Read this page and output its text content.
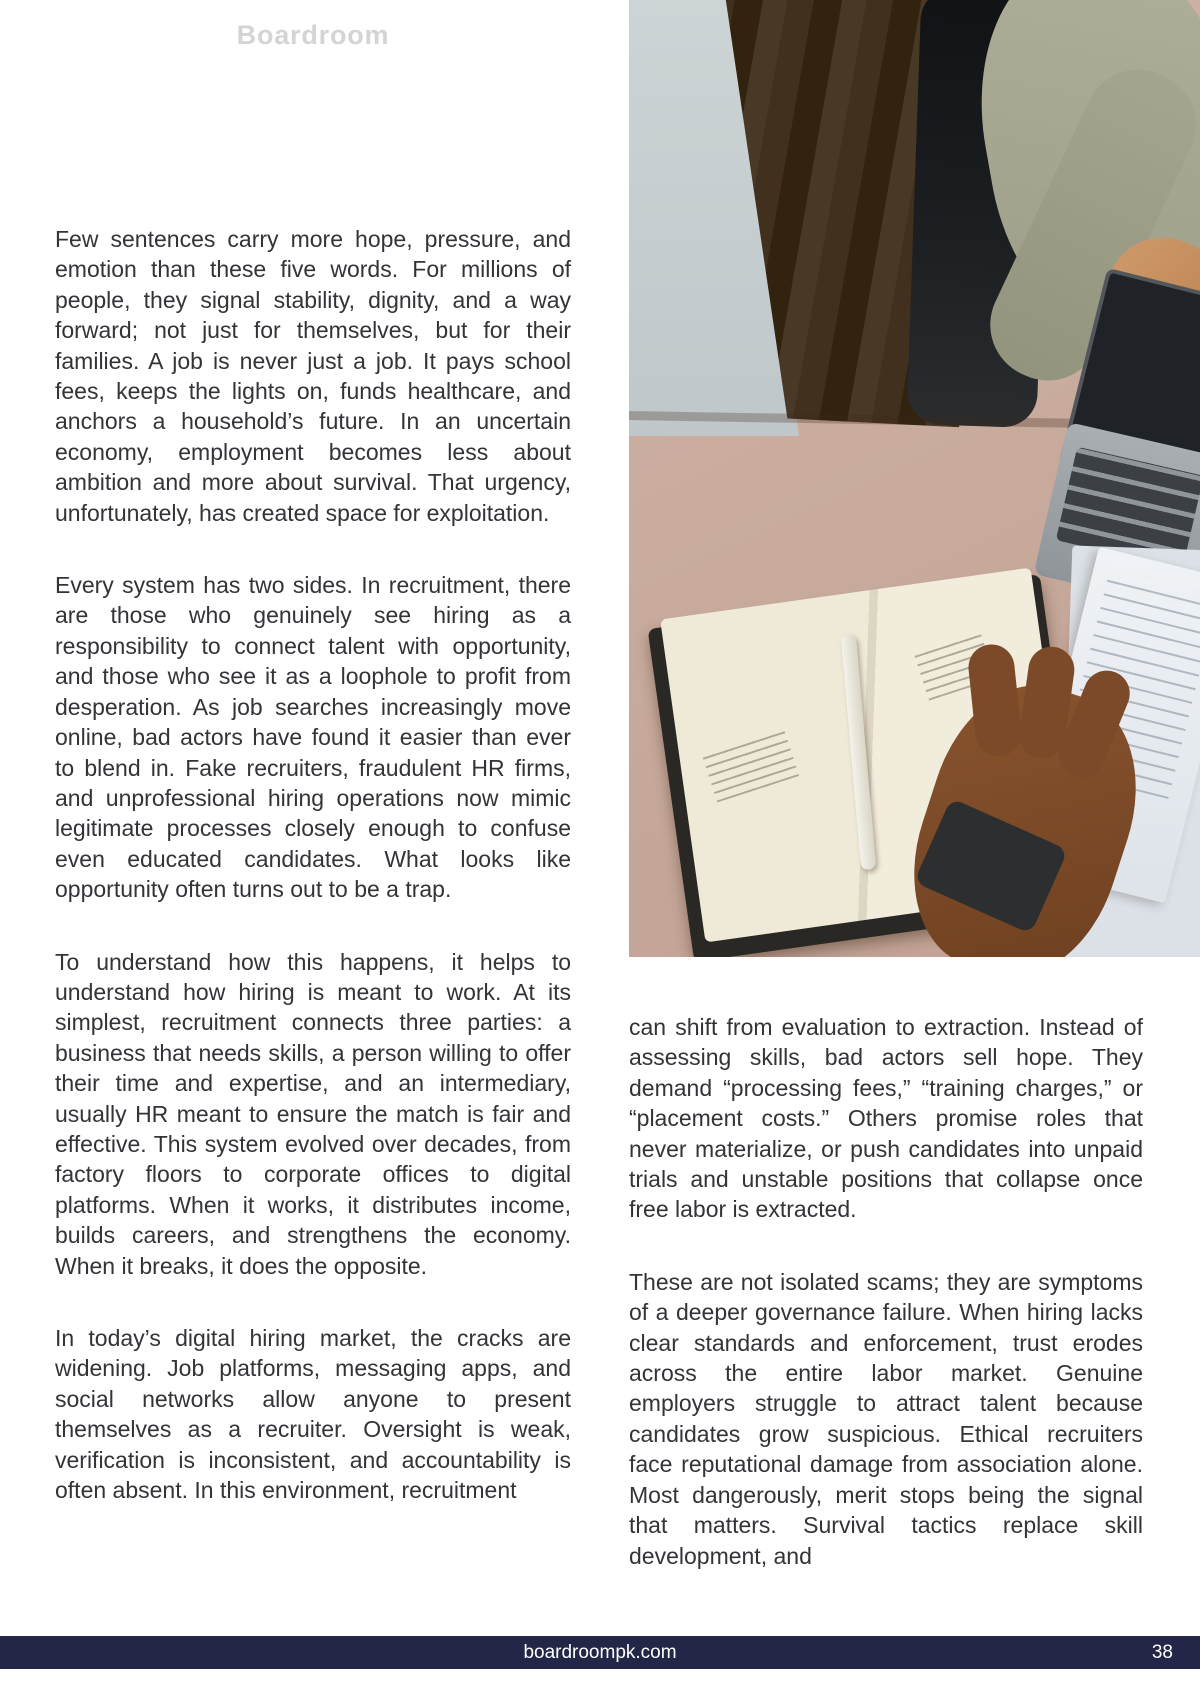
Boardroom

Few sentences carry more hope, pressure, and emotion than these five words. For millions of people, they signal stability, dignity, and a way forward; not just for themselves, but for their families. A job is never just a job. It pays school fees, keeps the lights on, funds healthcare, and anchors a household’s future. In an uncertain economy, employment becomes less about ambition and more about survival. That urgency, unfortunately, has created space for exploitation.

Every system has two sides. In recruitment, there are those who genuinely see hiring as a responsibility to connect talent with opportunity, and those who see it as a loophole to profit from desperation. As job searches increasingly move online, bad actors have found it easier than ever to blend in. Fake recruiters, fraudulent HR firms, and unprofessional hiring operations now mimic legitimate processes closely enough to confuse even educated candidates. What looks like opportunity often turns out to be a trap.

To understand how this happens, it helps to understand how hiring is meant to work. At its simplest, recruitment connects three parties: a business that needs skills, a person willing to offer their time and expertise, and an intermediary, usually HR meant to ensure the match is fair and effective. This system evolved over decades, from factory floors to corporate offices to digital platforms. When it works, it distributes income, builds careers, and strengthens the economy. When it breaks, it does the opposite.

In today’s digital hiring market, the cracks are widening. Job platforms, messaging apps, and social networks allow anyone to present themselves as a recruiter. Oversight is weak, verification is inconsistent, and accountability is often absent. In this environment, recruitment

can shift from evaluation to extraction. Instead of assessing skills, bad actors sell hope. They demand “processing fees,” “training charges,” or “placement costs.” Others promise roles that never materialize, or push candidates into unpaid trials and unstable positions that collapse once free labor is extracted.

These are not isolated scams; they are symptoms of a deeper governance failure. When hiring lacks clear standards and enforcement, trust erodes across the entire labor market. Genuine employers struggle to attract talent because candidates grow suspicious. Ethical recruiters face reputational damage from association alone. Most dangerously, merit stops being the signal that matters. Survival tactics replace skill development, and

boardroompk.com	38
